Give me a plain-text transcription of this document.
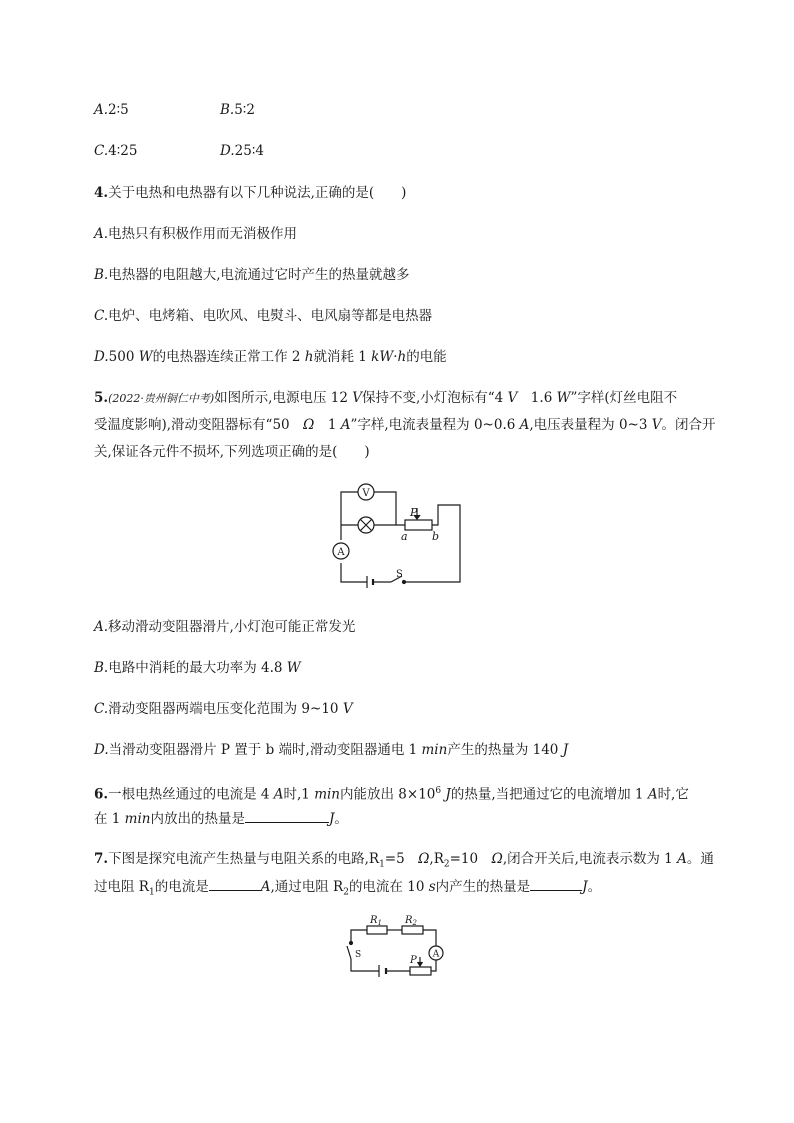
A.2∶5	B.5∶2
C.4∶25	D.25∶4
4.关于电热和电热器有以下几种说法,正确的是(　　)
A.电热只有积极作用而无消极作用
B.电热器的电阻越大,电流通过它时产生的热量就越多
C.电炉、电烤箱、电吹风、电熨斗、电风扇等都是电热器
D.500 W的电热器连续正常工作 2 h就消耗 1 kW·h的电能
5.(2022·贵州铜仁中考)如图所示,电源电压 12 V保持不变,小灯泡标有“4 V　1.6 W”字样(灯丝电阻不
受温度影响),滑动变阻器标有“50　Ω　1 A”字样,电流表量程为 0~0.6 A,电压表量程为 0~3 V。闭合开
关,保证各元件不损坏,下列选项正确的是(　　)
V
A
P
a b
S
A.移动滑动变阻器滑片,小灯泡可能正常发光
B.电路中消耗的最大功率为 4.8 W
C.滑动变阻器两端电压变化范围为 9~10 V
D.当滑动变阻器滑片 P 置于 b 端时,滑动变阻器通电 1 min产生的热量为 140 J
6.一根电热丝通过的电流是 4 A时,1 min内能放出 $8\times 10^6$ J的热量,当把通过它的电流增加 1 A时,它
在 1 min内放出的热量是	J。
7.下图是探究电流产生热量与电阻关系的电路$,R_1=5$　$\Omega,R_2=10$　Ω,闭合开关后,电流表示数为 1 A。通
过电阻 $R_1$的电流是	A,通过电阻 $R_2$的电流在 10 s内产生的热量是	J。
$R_1$ $R_2$
A
S	P
